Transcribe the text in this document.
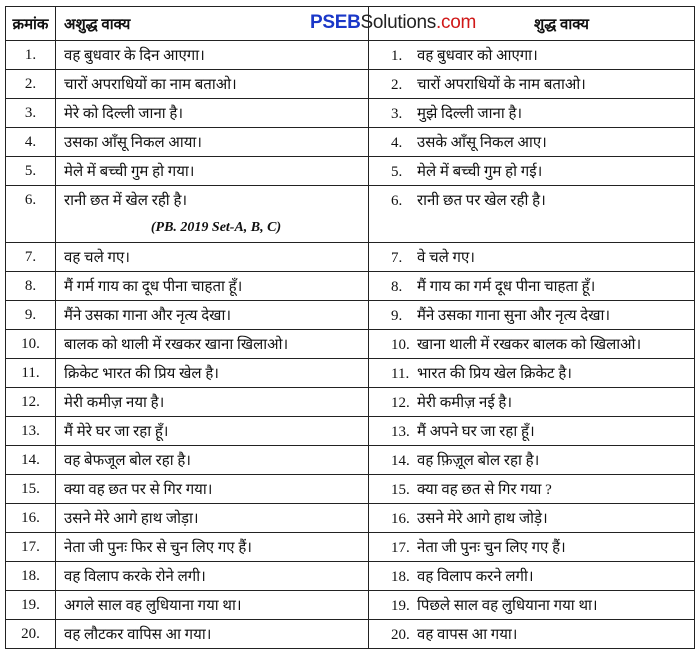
क्रमांक	अशुद्ध वाक्य	शुद्ध वाक्य
1.	वह बुधवार के दिन आएगा।	1. वह बुधवार को आएगा।
2.	चारों अपराधियों का नाम बताओ।	2. चारों अपराधियों के नाम बताओ।
3.	मेरे को दिल्ली जाना है।	3. मुझे दिल्ली जाना है।
4.	उसका आँसू निकल आया।	4. उसके आँसू निकल आए।
5.	मेले में बच्ची गुम हो गया।	5. मेले में बच्ची गुम हो गई।
6.	रानी छत में खेल रही है।	6. रानी छत पर खेल रही है।
	(PB. 2019 Set-A, B, C)	
7.	वह चले गए।	7. वे चले गए।
8.	मैं गर्म गाय का दूध पीना चाहता हूँ।	8. मैं गाय का गर्म दूध पीना चाहता हूँ।
9.	मैंने उसका गाना और नृत्य देखा।	9. मैंने उसका गाना सुना और नृत्य देखा।
10.	बालक को थाली में रखकर खाना खिलाओ।	10. खाना थाली में रखकर बालक को खिलाओ।
11.	क्रिकेट भारत की प्रिय खेल है।	11. भारत की प्रिय खेल क्रिकेट है।
12.	मेरी कमीज़ नया है।	12. मेरी कमीज़ नई है।
13.	मैं मेरे घर जा रहा हूँ।	13. मैं अपने घर जा रहा हूँ।
14.	वह बेफजूल बोल रहा है।	14. वह फ़िज़ूल बोल रहा है।
15.	क्या वह छत पर से गिर गया।	15. क्या वह छत से गिर गया ?
16.	उसने मेरे आगे हाथ जोड़ा।	16. उसने मेरे आगे हाथ जोड़े।
17.	नेता जी पुनः फिर से चुन लिए गए हैं।	17. नेता जी पुनः चुन लिए गए हैं।
18.	वह विलाप करके रोने लगी।	18. वह विलाप करने लगी।
19.	अगले साल वह लुधियाना गया था।	19. पिछले साल वह लुधियाना गया था।
20.	वह लौटकर वापिस आ गया।	20. वह वापस आ गया।
PSEBSolutions.com
